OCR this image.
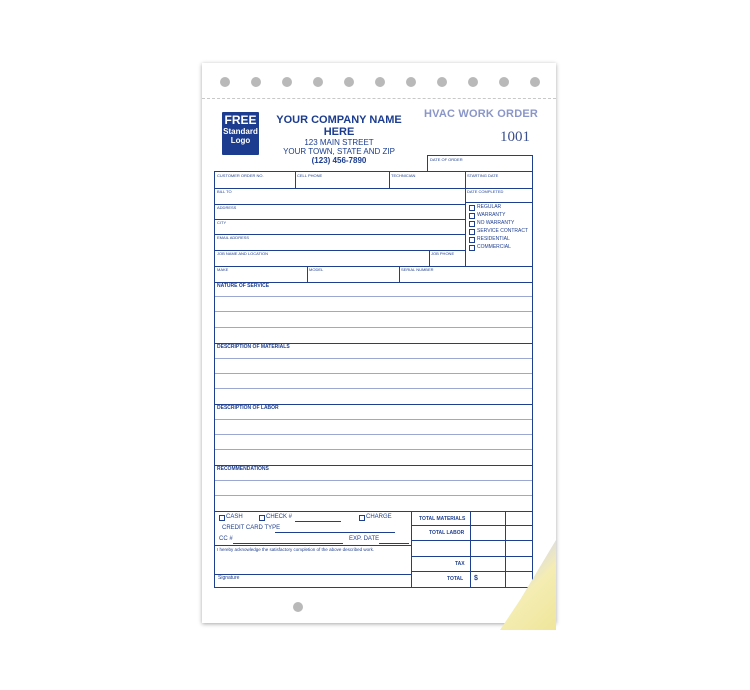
FREE
Standard
Logo
YOUR COMPANY NAME HERE
123 MAIN STREET
YOUR TOWN, STATE AND ZIP
(123) 456-7890
HVAC WORK ORDER
1001
DATE OF ORDER
CUSTOMER ORDER NO.	CELL PHONE	TECHNICIAN	STARTING DATE
BILL TO	DATE COMPLETED
ADDRESS
CITY
EMAIL ADDRESS
REGULAR
WARRANTY
NO WARRANTY
SERVICE CONTRACT
RESIDENTIAL
COMMERCIAL
JOB NAME AND LOCATION	JOB PHONE
MAKE	MODEL	SERIAL NUMBER
NATURE OF SERVICE
DESCRIPTION OF MATERIALS
DESCRIPTION OF LABOR
RECOMMENDATIONS
CASH	CHECK #	CHARGE
CREDIT CARD TYPE
CC #	EXP. DATE
I hereby acknowledge the satisfactory completion of the above described work.
Signature
TOTAL MATERIALS
TOTAL LABOR
TAX
TOTAL $
